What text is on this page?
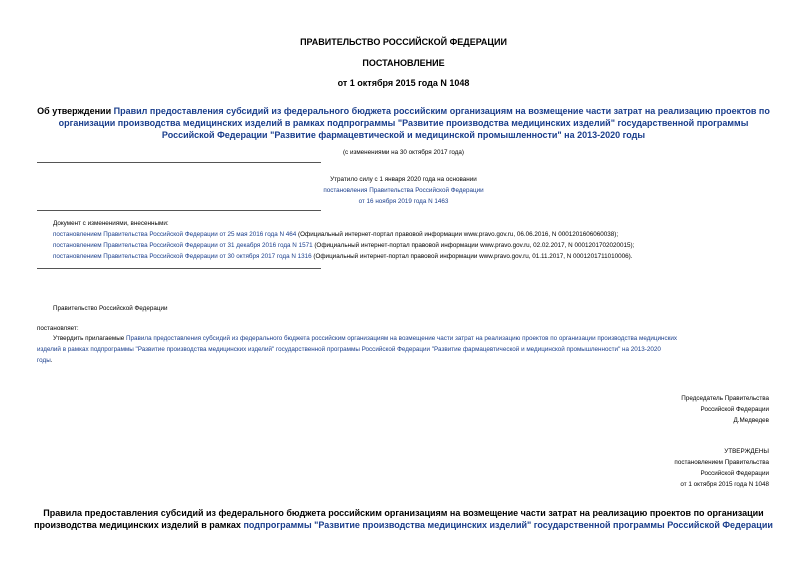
ПРАВИТЕЛЬСТВО РОССИЙСКОЙ ФЕДЕРАЦИИ
ПОСТАНОВЛЕНИЕ
от 1 октября 2015 года N 1048
Об утверждении Правил предоставления субсидий из федерального бюджета российским организациям на возмещение части затрат на реализацию проектов по
организации производства медицинских изделий в рамках подпрограммы "Развитие производства медицинских изделий" государственной программы
Российской Федерации "Развитие фармацевтической и медицинской промышленности" на 2013-2020 годы
(с изменениями на 30 октября 2017 года)
Утратило силу с 1 января 2020 года на основании
постановления Правительства Российской Федерации
от 16 ноября 2019 года N 1463
Документ с изменениями, внесенными:
постановлением Правительства Российской Федерации от 25 мая 2016 года N 464 (Официальный интернет-портал правовой информации www.pravo.gov.ru, 06.06.2016, N 0001201606060038);
постановлением Правительства Российской Федерации от 31 декабря 2016 года N 1571 (Официальный интернет-портал правовой информации www.pravo.gov.ru, 02.02.2017, N 0001201702020015);
постановлением Правительства Российской Федерации от 30 октября 2017 года N 1316 (Официальный интернет-портал правовой информации www.pravo.gov.ru, 01.11.2017, N 0001201711010006).
Правительство Российской Федерации
постановляет:
Утвердить прилагаемые Правила предоставления субсидий из федерального бюджета российским организациям на возмещение части затрат на реализацию проектов по организации производства медицинских
изделий в рамках подпрограммы "Развитие производства медицинских изделий" государственной программы Российской Федерации "Развитие фармацевтической и медицинской промышленности" на 2013-2020
годы.
Председатель Правительства
Российской Федерации
Д.Медведев
УТВЕРЖДЕНЫ
постановлением Правительства
Российской Федерации
от 1 октября 2015 года N 1048
Правила предоставления субсидий из федерального бюджета российским организациям на возмещение части затрат на реализацию проектов по организации
производства медицинских изделий в рамках подпрограммы "Развитие производства медицинских изделий" государственной программы Российской Федерации
